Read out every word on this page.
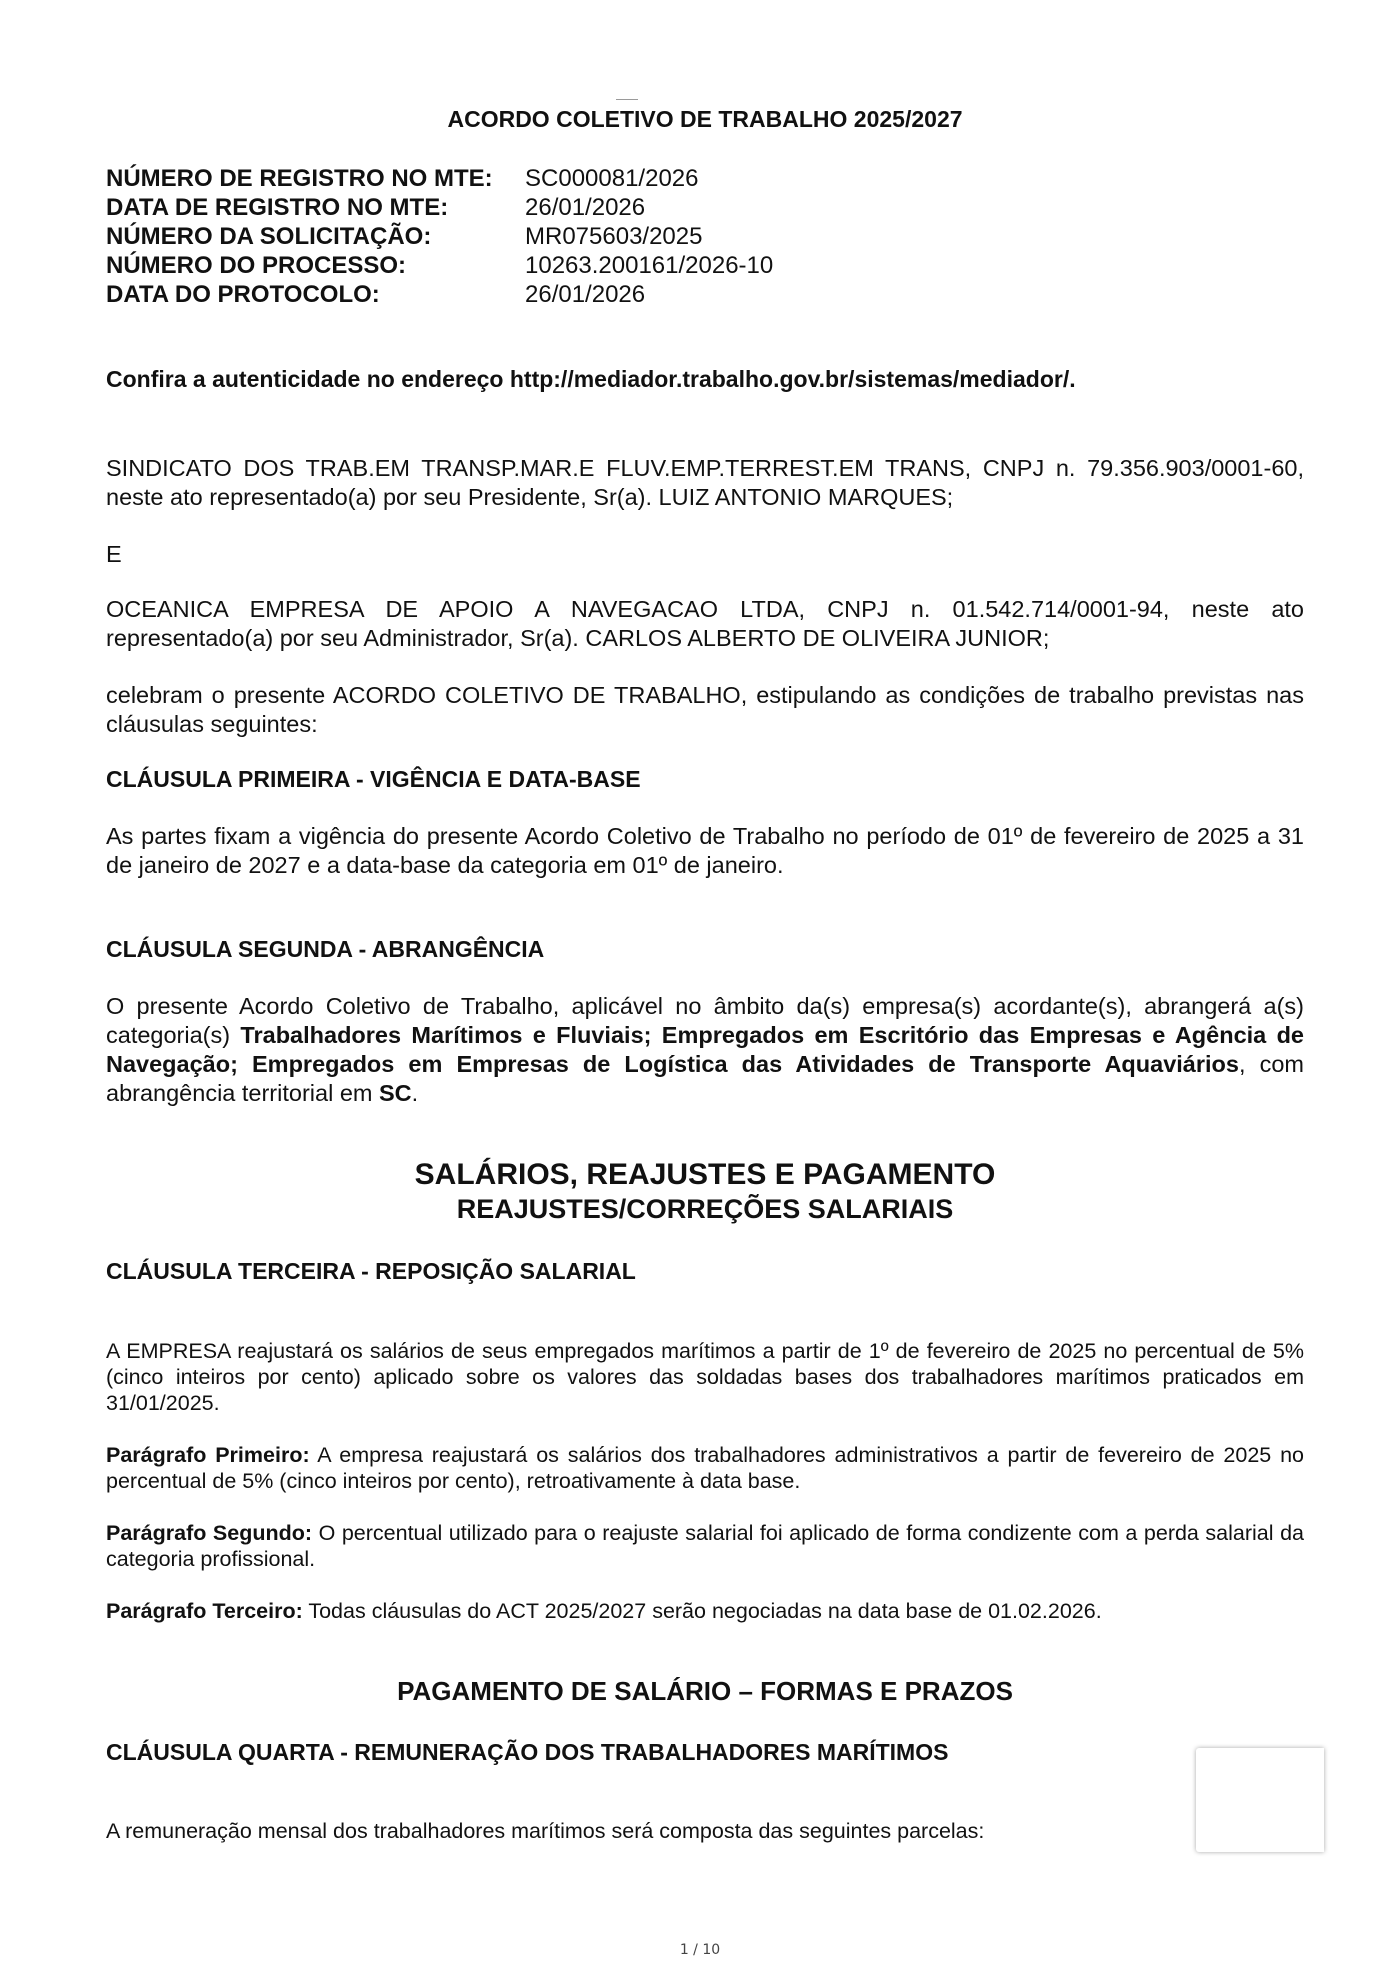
ACORDO COLETIVO DE TRABALHO 2025/2027
NÚMERO DE REGISTRO NO MTE:	SC000081/2026
DATA DE REGISTRO NO MTE:	26/01/2026
NÚMERO DA SOLICITAÇÃO:	MR075603/2025
NÚMERO DO PROCESSO:	10263.200161/2026-10
DATA DO PROTOCOLO:	26/01/2026
Confira a autenticidade no endereço http://mediador.trabalho.gov.br/sistemas/mediador/.
SINDICATO DOS TRAB.EM TRANSP.MAR.E FLUV.EMP.TERREST.EM TRANS, CNPJ n. 79.356.903/0001-60, neste ato representado(a) por seu Presidente, Sr(a). LUIZ ANTONIO MARQUES;
E
OCEANICA EMPRESA DE APOIO A NAVEGACAO LTDA, CNPJ n. 01.542.714/0001-94, neste ato representado(a) por seu Administrador, Sr(a). CARLOS ALBERTO DE OLIVEIRA JUNIOR;
celebram o presente ACORDO COLETIVO DE TRABALHO, estipulando as condições de trabalho previstas nas cláusulas seguintes:
CLÁUSULA PRIMEIRA - VIGÊNCIA E DATA-BASE
As partes fixam a vigência do presente Acordo Coletivo de Trabalho no período de 01º de fevereiro de 2025 a 31 de janeiro de 2027 e a data-base da categoria em 01º de janeiro.
CLÁUSULA SEGUNDA - ABRANGÊNCIA
O presente Acordo Coletivo de Trabalho, aplicável no âmbito da(s) empresa(s) acordante(s), abrangerá a(s) categoria(s) Trabalhadores Marítimos e Fluviais; Empregados em Escritório das Empresas e Agência de Navegação; Empregados em Empresas de Logística das Atividades de Transporte Aquaviários, com abrangência territorial em SC.
SALÁRIOS, REAJUSTES E PAGAMENTO
REAJUSTES/CORREÇÕES SALARIAIS
CLÁUSULA TERCEIRA - REPOSIÇÃO SALARIAL
A EMPRESA reajustará os salários de seus empregados marítimos a partir de 1º de fevereiro de 2025 no percentual de 5% (cinco inteiros por cento) aplicado sobre os valores das soldadas bases dos trabalhadores marítimos praticados em 31/01/2025.
Parágrafo Primeiro: A empresa reajustará os salários dos trabalhadores administrativos a partir de fevereiro de 2025 no percentual de 5% (cinco inteiros por cento), retroativamente à data base.
Parágrafo Segundo: O percentual utilizado para o reajuste salarial foi aplicado de forma condizente com a perda salarial da categoria profissional.
Parágrafo Terceiro: Todas cláusulas do ACT 2025/2027 serão negociadas na data base de 01.02.2026.
PAGAMENTO DE SALÁRIO – FORMAS E PRAZOS
CLÁUSULA QUARTA - REMUNERAÇÃO DOS TRABALHADORES MARÍTIMOS
A remuneração mensal dos trabalhadores marítimos será composta das seguintes parcelas:
1 / 10
